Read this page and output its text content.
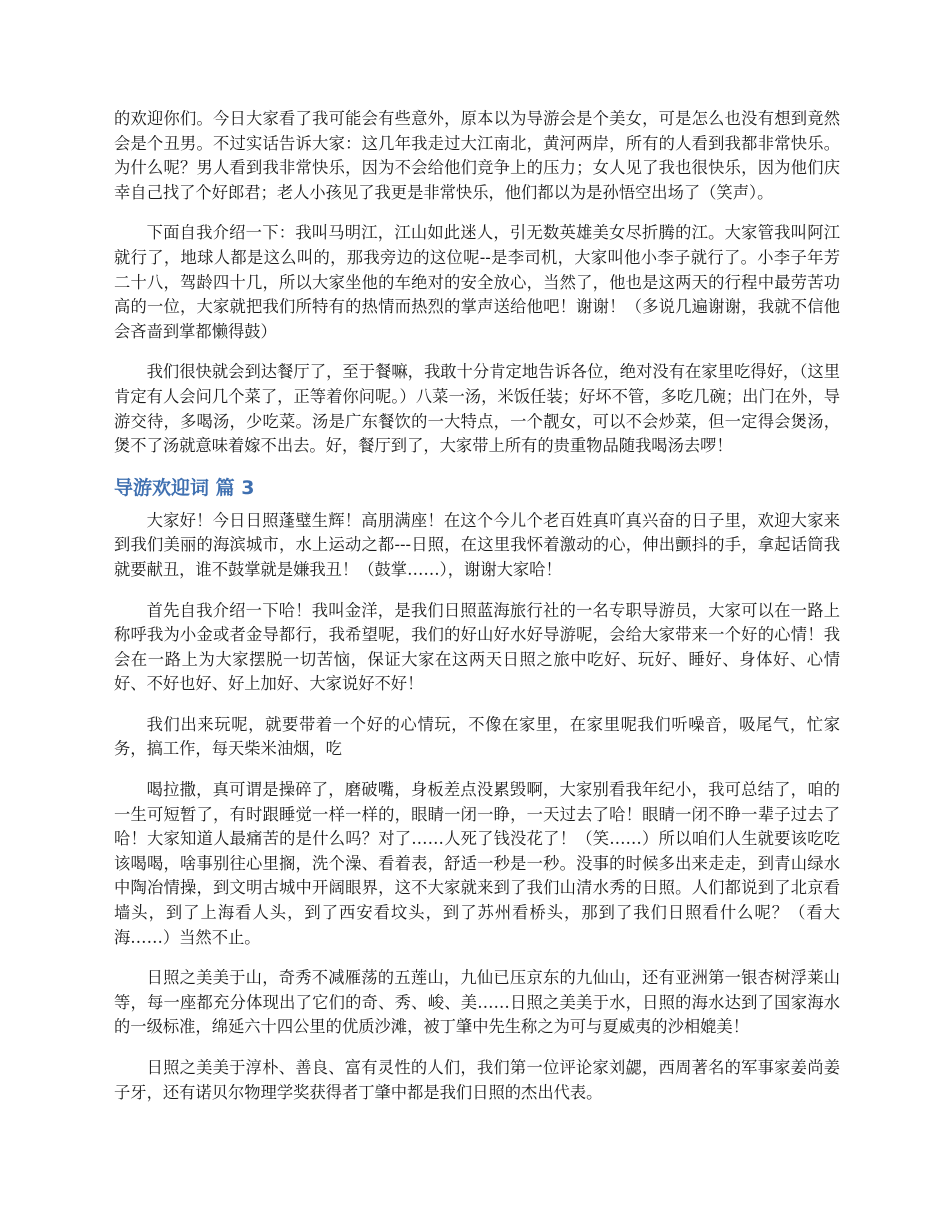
的欢迎你们。今日大家看了我可能会有些意外，原本以为导游会是个美女，可是怎么也没有想到竟然会是个丑男。不过实话告诉大家：这几年我走过大江南北，黄河两岸，所有的人看到我都非常快乐。为什么呢？男人看到我非常快乐，因为不会给他们竞争上的压力；女人见了我也很快乐，因为他们庆幸自己找了个好郎君；老人小孩见了我更是非常快乐，他们都以为是孙悟空出场了（笑声）。

下面自我介绍一下：我叫马明江，江山如此迷人，引无数英雄美女尽折腾的江。大家管我叫阿江就行了，地球人都是这么叫的，那我旁边的这位呢--是李司机，大家叫他小李子就行了。小李子年芳二十八，驾龄四十几，所以大家坐他的车绝对的安全放心，当然了，他也是这两天的行程中最劳苦功高的一位，大家就把我们所特有的热情而热烈的掌声送给他吧！谢谢！（多说几遍谢谢，我就不信他会吝啬到掌都懒得鼓）

我们很快就会到达餐厅了，至于餐嘛，我敢十分肯定地告诉各位，绝对没有在家里吃得好，（这里肯定有人会问几个菜了，正等着你问呢。）八菜一汤，米饭任装；好坏不管，多吃几碗；出门在外，导游交待，多喝汤，少吃菜。汤是广东餐饮的一大特点，一个靓女，可以不会炒菜，但一定得会煲汤，煲不了汤就意味着嫁不出去。好，餐厅到了，大家带上所有的贵重物品随我喝汤去啰！

导游欢迎词 篇 3

大家好！今日日照蓬璧生辉！高朋满座！在这个今儿个老百姓真吖真兴奋的日子里，欢迎大家来到我们美丽的海滨城市，水上运动之都---日照，在这里我怀着激动的心，伸出颤抖的手，拿起话筒我就要献丑，谁不鼓掌就是嫌我丑！（鼓掌……），谢谢大家哈！

首先自我介绍一下哈！我叫金洋，是我们日照蓝海旅行社的一名专职导游员，大家可以在一路上称呼我为小金或者金导都行，我希望呢，我们的好山好水好导游呢，会给大家带来一个好的心情！我会在一路上为大家摆脱一切苦恼，保证大家在这两天日照之旅中吃好、玩好、睡好、身体好、心情好、不好也好、好上加好、大家说好不好！

我们出来玩呢，就要带着一个好的心情玩，不像在家里，在家里呢我们听噪音，吸尾气，忙家务，搞工作，每天柴米油烟，吃

喝拉撒，真可谓是操碎了，磨破嘴，身板差点没累毁啊，大家别看我年纪小，我可总结了，咱的一生可短暂了，有时跟睡觉一样一样的，眼睛一闭一睁，一天过去了哈！眼睛一闭不睁一辈子过去了哈！大家知道人最痛苦的是什么吗？对了……人死了钱没花了！（笑……）所以咱们人生就要该吃吃该喝喝，啥事别往心里搁，洗个澡、看着表，舒适一秒是一秒。没事的时候多出来走走，到青山绿水中陶冶情操，到文明古城中开阔眼界，这不大家就来到了我们山清水秀的日照。人们都说到了北京看墙头，到了上海看人头，到了西安看坟头，到了苏州看桥头，那到了我们日照看什么呢？（看大海……）当然不止。

日照之美美于山，奇秀不减雁荡的五莲山，九仙已压京东的九仙山，还有亚洲第一银杏树浮莱山等，每一座都充分体现出了它们的奇、秀、峻、美……日照之美美于水，日照的海水达到了国家海水的一级标准，绵延六十四公里的优质沙滩，被丁肇中先生称之为可与夏威夷的沙相媲美！

日照之美美于淳朴、善良、富有灵性的人们，我们第一位评论家刘勰，西周著名的军事家姜尚姜子牙，还有诺贝尔物理学奖获得者丁肇中都是我们日照的杰出代表。
